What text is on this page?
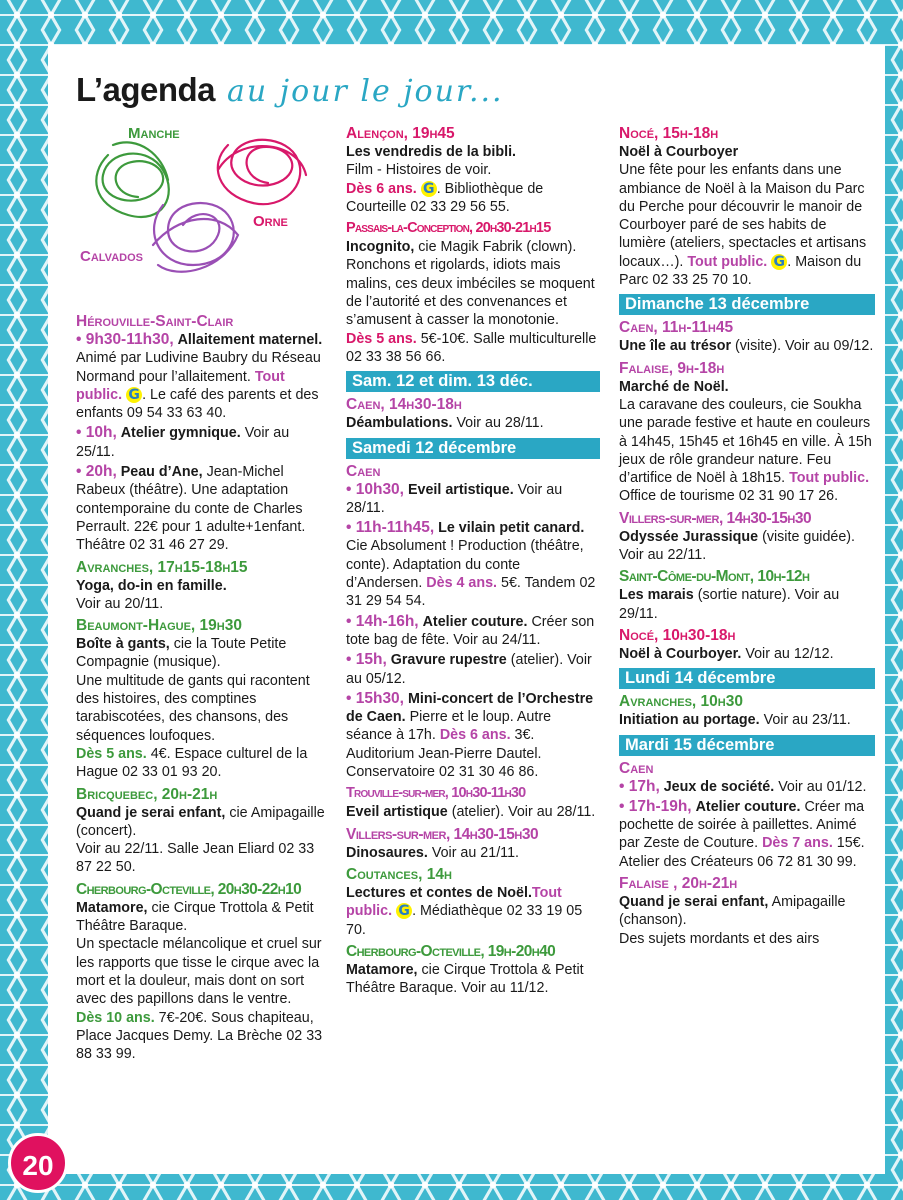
L’agenda au jour le jour...
Manche
Orne
Calvados
Hérouville-Saint-Clair
• 9h30-11h30, Allaitement maternel. Animé par Ludivine Baubry du Réseau Normand pour l’allaitement. Tout public. G . Le café des parents et des enfants 09 54 33 63 40.
• 10h, Atelier gymnique. Voir au 25/11.
• 20h, Peau d’Ane, Jean-Michel Rabeux (théâtre). Une adaptation contemporaine du conte de Charles Perrault. 22€ pour 1 adulte+1enfant. Théâtre 02 31 46 27 29.
Avranches, 17h15-18h15
Yoga, do-in en famille.
Voir au 20/11.
Beaumont-Hague, 19h30
Boîte à gants, cie la Toute Petite Compagnie (musique).
Une multitude de gants qui racontent des histoires, des comptines tarabiscotées, des chansons, des séquences loufoques.
Dès 5 ans. 4€. Espace culturel de la Hague 02 33 01 93 20.
Bricquebec, 20h-21h
Quand je serai enfant, cie Amipagaille (concert).
Voir au 22/11. Salle Jean Eliard 02 33 87 22 50.
Cherbourg-Octeville, 20h30-22h10
Matamore, cie Cirque Trottola & Petit Théâtre Baraque.
Un spectacle mélancolique et cruel sur les rapports que tisse le cirque avec la mort et la douleur, mais dont on sort avec des papillons dans le ventre.
Dès 10 ans. 7€-20€. Sous chapiteau, Place Jacques Demy. La Brèche 02 33 88 33 99.
Alençon, 19h45
Les vendredis de la bibli.
Film - Histoires de voir.
Dès 6 ans. G . Bibliothèque de Courteille 02 33 29 56 55.
Passais-la-Conception, 20h30-21h15
Incognito, cie Magik Fabrik (clown). Ronchons et rigolards, idiots mais malins, ces deux imbéciles se moquent de l’autorité et des convenances et s’amusent à casser la monotonie.
Dès 5 ans. 5€-10€. Salle multiculturelle 02 33 38 56 66.
Sam. 12 et dim. 13 déc.
Caen, 14h30-18h
Déambulations. Voir au 28/11.
Samedi 12 décembre
Caen
• 10h30, Eveil artistique. Voir au 28/11.
• 11h-11h45, Le vilain petit canard. Cie Absolument ! Production (théâtre, conte). Adaptation du conte d’Andersen. Dès 4 ans. 5€. Tandem 02 31 29 54 54.
• 14h-16h, Atelier couture. Créer son tote bag de fête. Voir au 24/11.
• 15h, Gravure rupestre (atelier). Voir au 05/12.
• 15h30, Mini-concert de l’Orchestre de Caen. Pierre et le loup. Autre séance à 17h. Dès 6 ans. 3€. Auditorium Jean-Pierre Dautel. Conservatoire 02 31 30 46 86.
Trouville-sur-mer, 10h30-11h30
Eveil artistique (atelier). Voir au 28/11.
Villers-sur-mer, 14h30-15h30
Dinosaures. Voir au 21/11.
Coutances, 14h
Lectures et contes de Noël.Tout public. G . Médiathèque 02 33 19 05 70.
Cherbourg-Octeville, 19h-20h40
Matamore, cie Cirque Trottola & Petit Théâtre Baraque. Voir au 11/12.
Nocé, 15h-18h
Noël à Courboyer
Une fête pour les enfants dans une ambiance de Noël à la Maison du Parc du Perche pour découvrir le manoir de Courboyer paré de ses habits de lumière (ateliers, spectacles et artisans locaux…). Tout public. G . Maison du Parc 02 33 25 70 10.
Dimanche 13 décembre
Caen, 11h-11h45
Une île au trésor (visite). Voir au 09/12.
Falaise, 9h-18h
Marché de Noël.
La caravane des couleurs, cie Soukha une parade festive et haute en couleurs à 14h45, 15h45 et 16h45 en ville. À 15h jeux de rôle grandeur nature. Feu d’artifice de Noël à 18h15. Tout public. Office de tourisme 02 31 90 17 26.
Villers-sur-mer, 14h30-15h30
Odyssée Jurassique (visite guidée). Voir au 22/11.
Saint-Côme-du-Mont, 10h-12h
Les marais (sortie nature). Voir au 29/11.
Nocé, 10h30-18h
Noël à Courboyer. Voir au 12/12.
Lundi 14 décembre
Avranches, 10h30
Initiation au portage. Voir au 23/11.
Mardi 15 décembre
Caen
• 17h, Jeux de société. Voir au 01/12.
• 17h-19h, Atelier couture. Créer ma pochette de soirée à paillettes. Animé par Zeste de Couture. Dès 7 ans. 15€. Atelier des Créateurs 06 72 81 30 99.
Falaise , 20h-21h
Quand je serai enfant, Amipagaille (chanson).
Des sujets mordants et des airs
20
